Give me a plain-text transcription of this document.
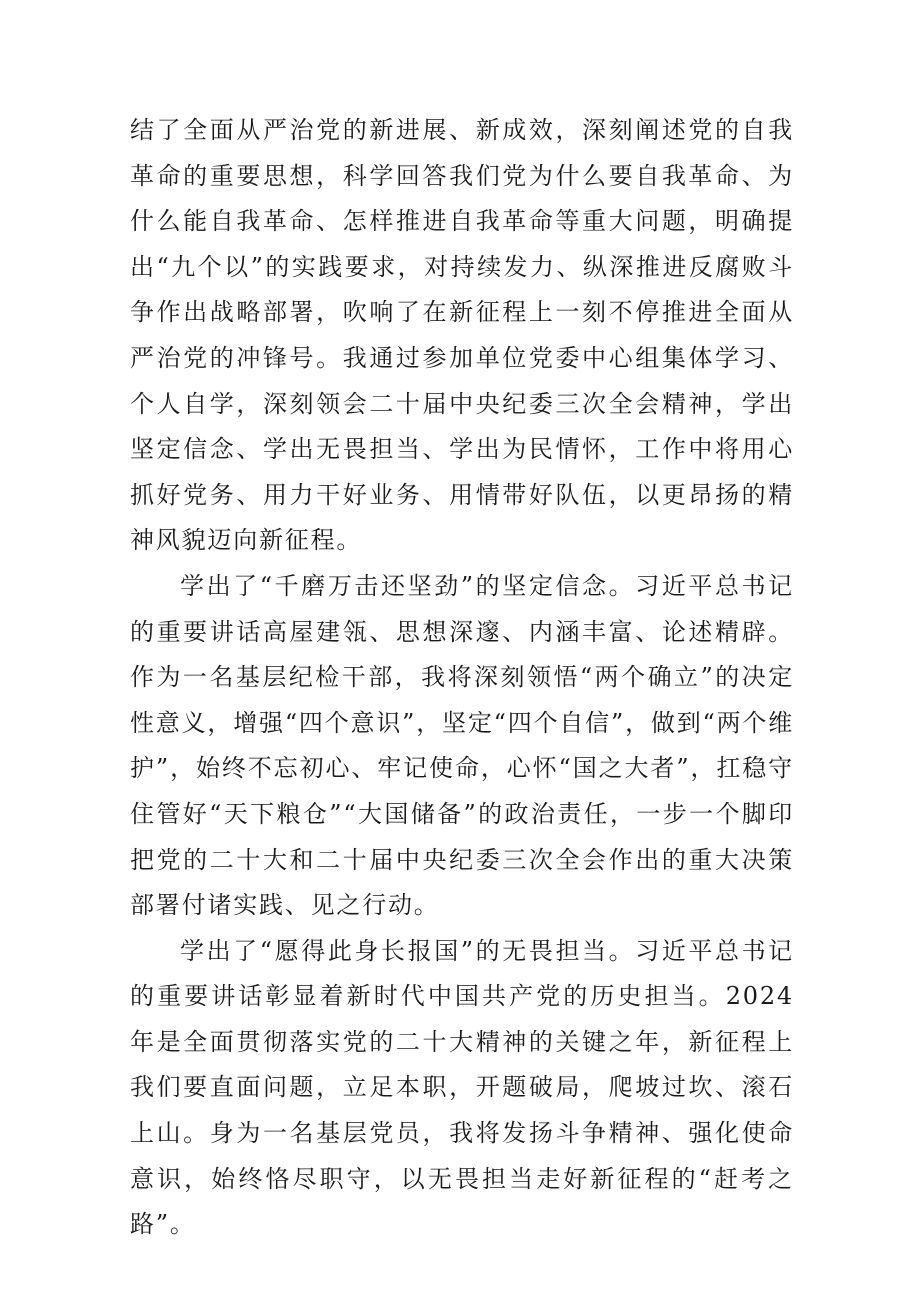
结了全面从严治党的新进展、新成效，深刻阐述党的自我革命的重要思想，科学回答我们党为什么要自我革命、为什么能自我革命、怎样推进自我革命等重大问题，明确提出“九个以”的实践要求，对持续发力、纵深推进反腐败斗争作出战略部署，吹响了在新征程上一刻不停推进全面从严治党的冲锋号。我通过参加单位党委中心组集体学习、个人自学，深刻领会二十届中央纪委三次全会精神，学出坚定信念、学出无畏担当、学出为民情怀，工作中将用心抓好党务、用力干好业务、用情带好队伍，以更昂扬的精神风貌迈向新征程。

学出了“千磨万击还坚劲”的坚定信念。习近平总书记的重要讲话高屋建瓴、思想深邃、内涵丰富、论述精辟。作为一名基层纪检干部，我将深刻领悟“两个确立”的决定性意义，增强“四个意识”，坚定“四个自信”，做到“两个维护”，始终不忘初心、牢记使命，心怀“国之大者”，扛稳守住管好“天下粮仓”“大国储备”的政治责任，一步一个脚印把党的二十大和二十届中央纪委三次全会作出的重大决策部署付诸实践、见之行动。

学出了“愿得此身长报国”的无畏担当。习近平总书记的重要讲话彰显着新时代中国共产党的历史担当。2024 年是全面贯彻落实党的二十大精神的关键之年，新征程上我们要直面问题，立足本职，开题破局，爬坡过坎、滚石上山。身为一名基层党员，我将发扬斗争精神、强化使命意识，始终恪尽职守，以无畏担当走好新征程的“赶考之路”。
